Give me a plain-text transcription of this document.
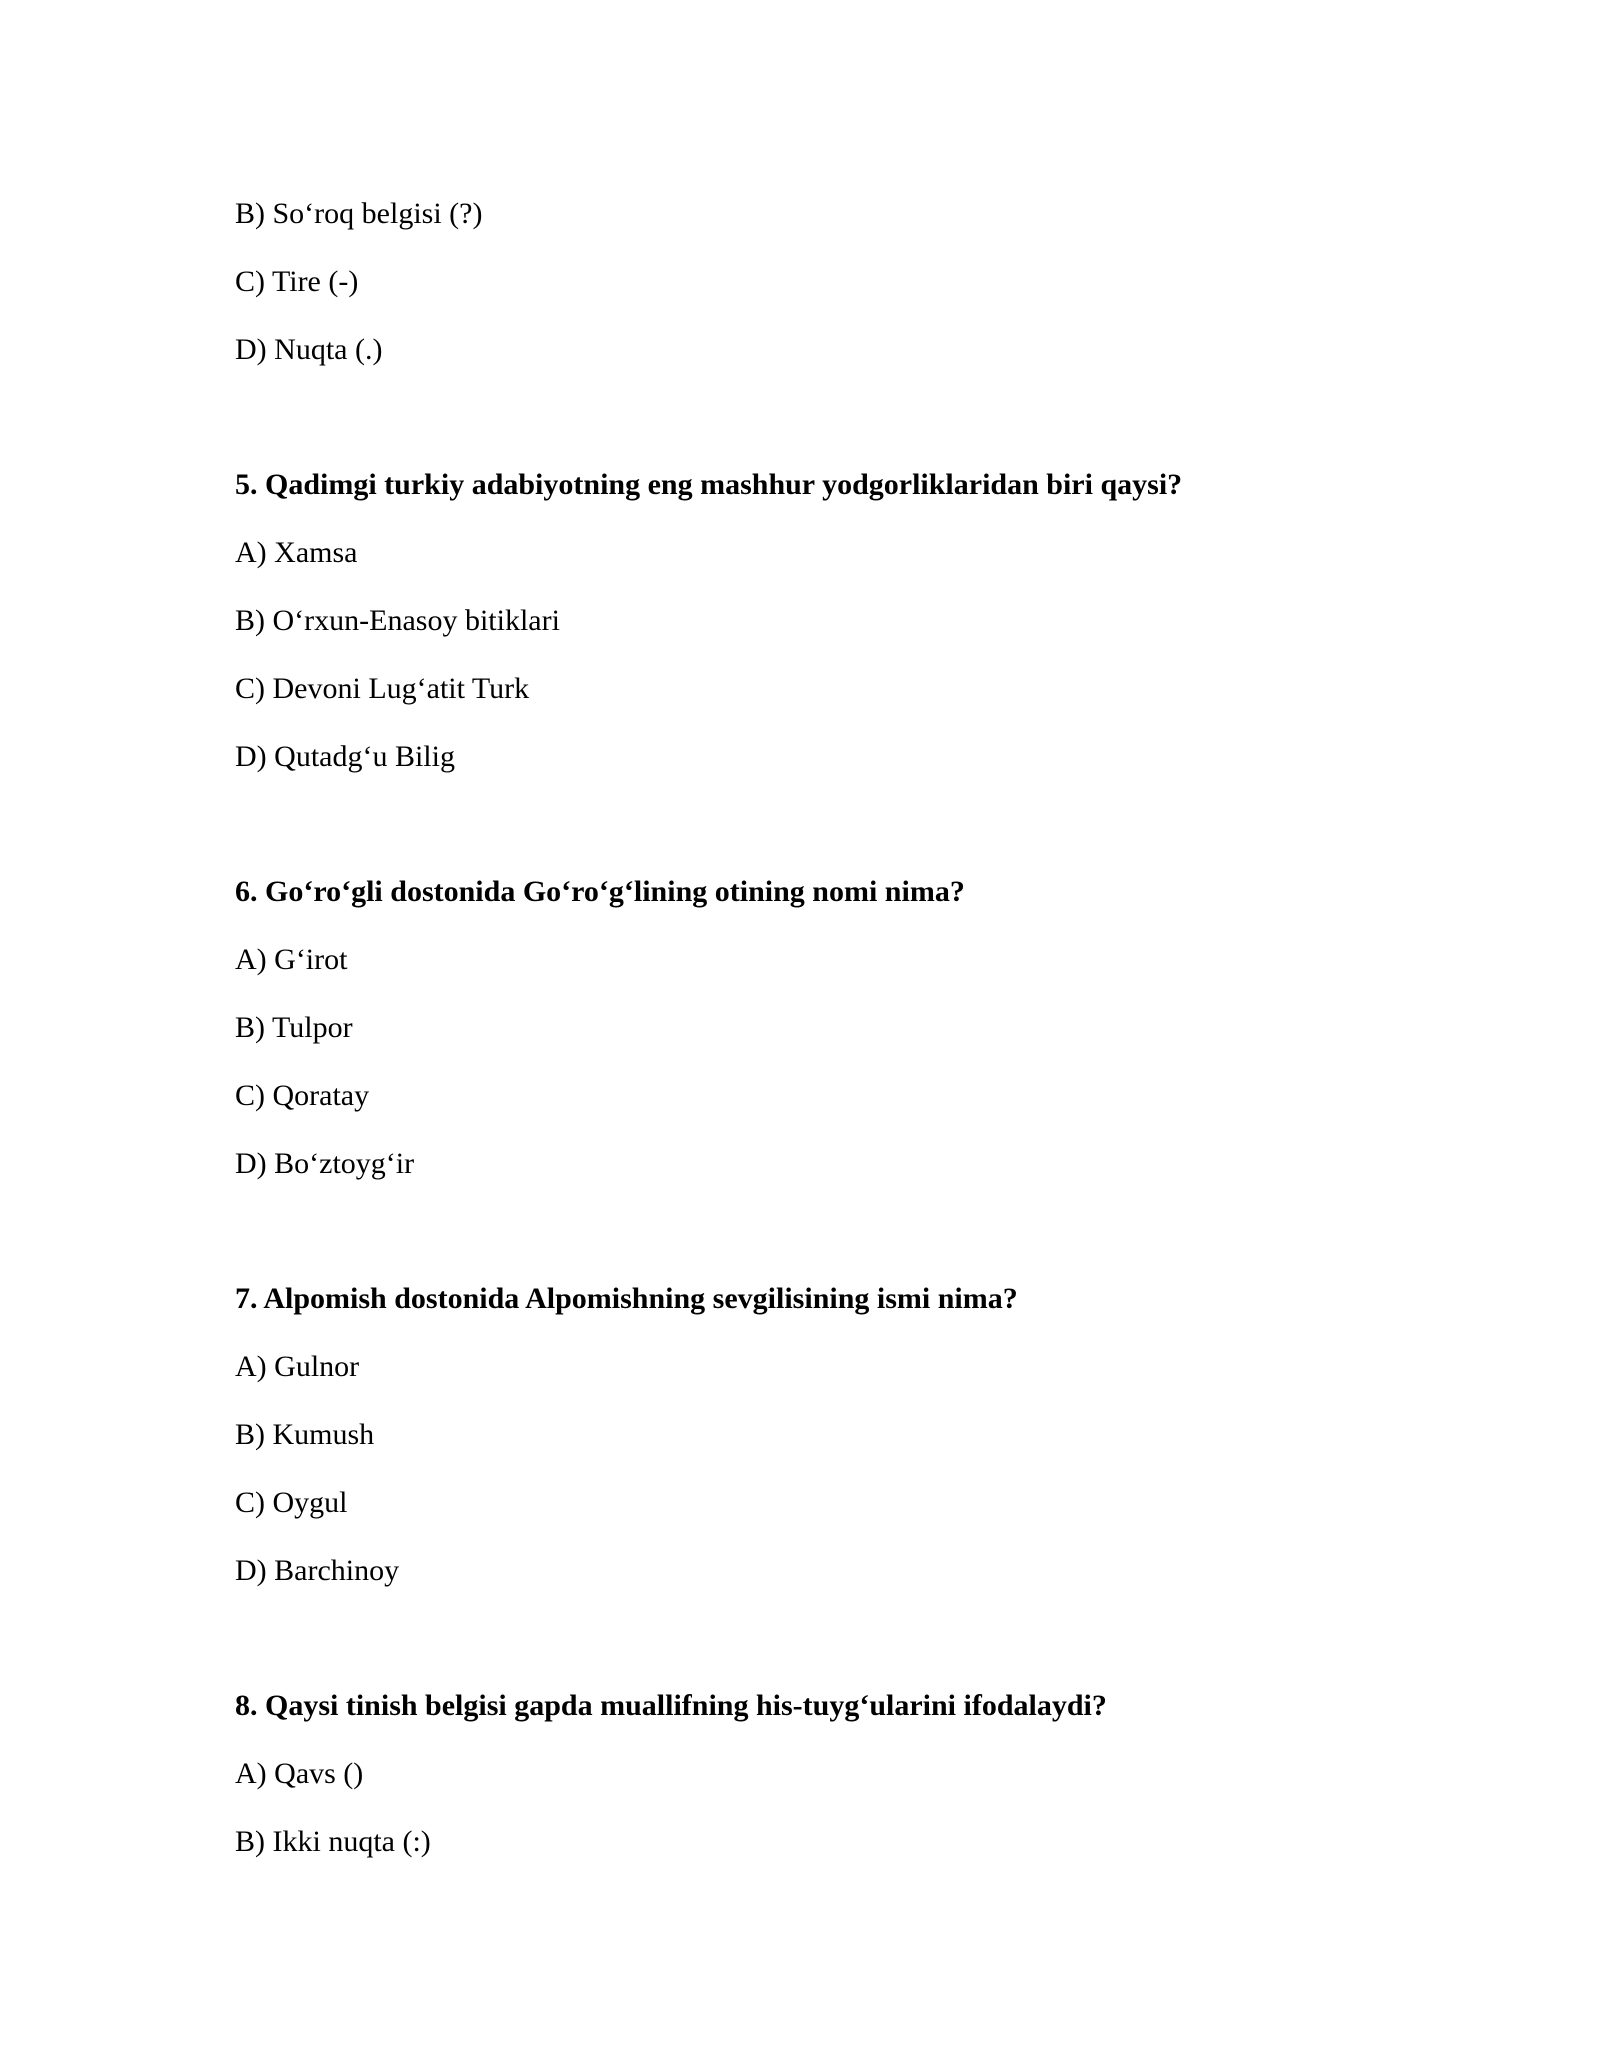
B) So‘roq belgisi (?)
C) Tire (-)
D) Nuqta (.)
5. Qadimgi turkiy adabiyotning eng mashhur yodgorliklaridan biri qaysi?
A) Xamsa
B) O‘rxun-Enasoy bitiklari
C) Devoni Lug‘atit Turk
D) Qutadg‘u Bilig
6. Go‘ro‘gli dostonida Go‘ro‘g‘lining otining nomi nima?
A) G‘irot
B) Tulpor
C) Qoratay
D) Bo‘ztoyg‘ir
7. Alpomish dostonida Alpomishning sevgilisining ismi nima?
A) Gulnor
B) Kumush
C) Oygul
D) Barchinoy
8. Qaysi tinish belgisi gapda muallifning his-tuyg‘ularini ifodalaydi?
A) Qavs ()
B) Ikki nuqta (:)
